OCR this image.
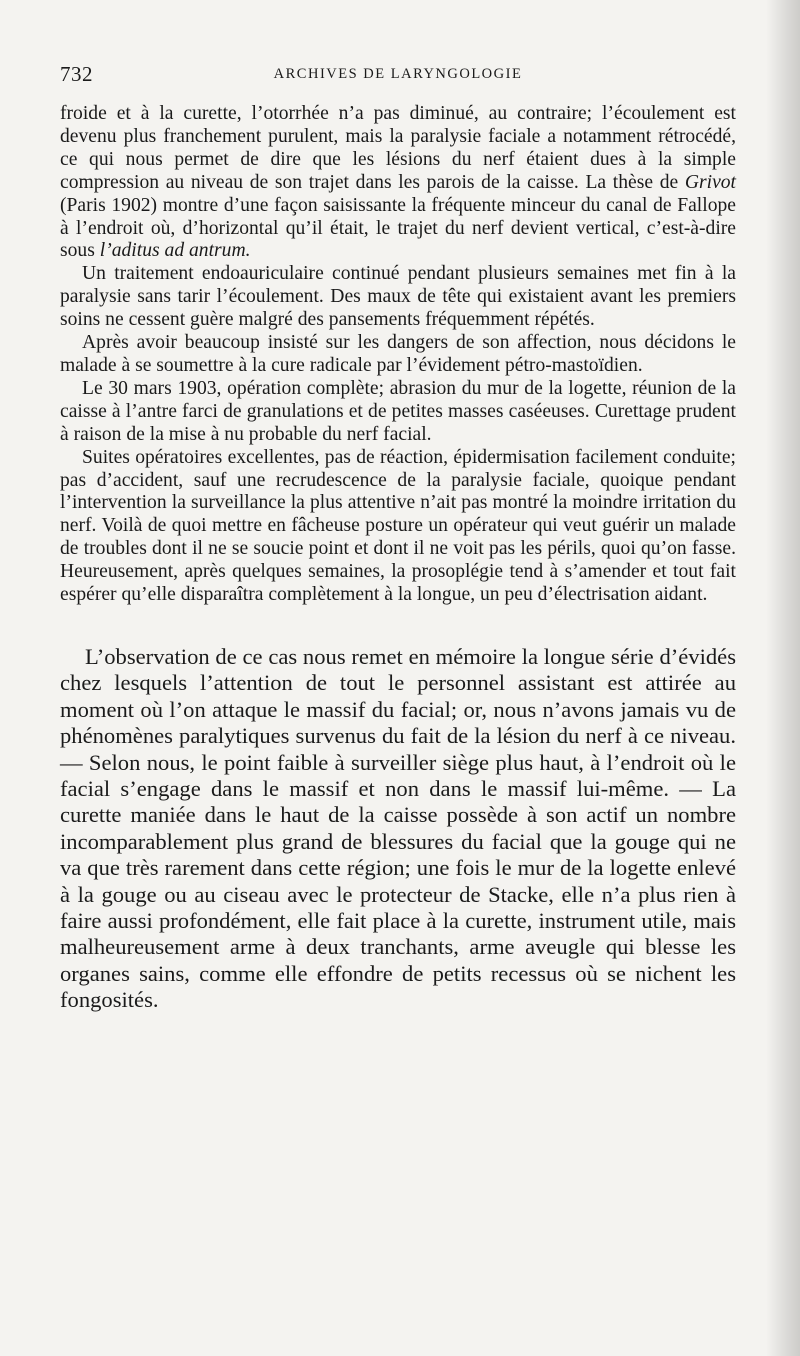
732	ARCHIVES DE LARYNGOLOGIE

froide et à la curette, l’otorrhée n’a pas diminué, au contraire; l’écoulement est devenu plus franchement purulent, mais la paralysie faciale a notamment rétrocédé, ce qui nous permet de dire que les lésions du nerf étaient dues à la simple compression au niveau de son trajet dans les parois de la caisse. La thèse de Grivot (Paris 1902) montre d’une façon saisissante la fréquente minceur du canal de Fallope à l’endroit où, d’horizontal qu’il était, le trajet du nerf devient vertical, c’est-à-dire sous l’aditus ad antrum.

Un traitement endoauriculaire continué pendant plusieurs semaines met fin à la paralysie sans tarir l’écoulement. Des maux de tête qui existaient avant les premiers soins ne cessent guère malgré des pansements fréquemment répétés.

Après avoir beaucoup insisté sur les dangers de son affection, nous décidons le malade à se soumettre à la cure radicale par l’évidement pétro-mastoïdien.

Le 30 mars 1903, opération complète; abrasion du mur de la logette, réunion de la caisse à l’antre farci de granulations et de petites masses caséeuses. Curettage prudent à raison de la mise à nu probable du nerf facial.

Suites opératoires excellentes, pas de réaction, épidermisation facilement conduite; pas d’accident, sauf une recrudescence de la paralysie faciale, quoique pendant l’intervention la surveillance la plus attentive n’ait pas montré la moindre irritation du nerf. Voilà de quoi mettre en fâcheuse posture un opérateur qui veut guérir un malade de troubles dont il ne se soucie point et dont il ne voit pas les périls, quoi qu’on fasse. Heureusement, après quelques semaines, la prosoplégie tend à s’amender et tout fait espérer qu’elle disparaîtra complètement à la longue, un peu d’électrisation aidant.

L’observation de ce cas nous remet en mémoire la longue série d’évidés chez lesquels l’attention de tout le personnel assistant est attirée au moment où l’on attaque le massif du facial; or, nous n’avons jamais vu de phénomènes paralytiques survenus du fait de la lésion du nerf à ce niveau. — Selon nous, le point faible à surveiller siège plus haut, à l’endroit où le facial s’engage dans le massif et non dans le massif lui-même. — La curette maniée dans le haut de la caisse possède à son actif un nombre incomparablement plus grand de blessures du facial que la gouge qui ne va que très rarement dans cette région; une fois le mur de la logette enlevé à la gouge ou au ciseau avec le protecteur de Stacke, elle n’a plus rien à faire aussi profondément, elle fait place à la curette, instrument utile, mais malheureusement arme à deux tranchants, arme aveugle qui blesse les organes sains, comme elle effondre de petits recessus où se nichent les fongosités.
